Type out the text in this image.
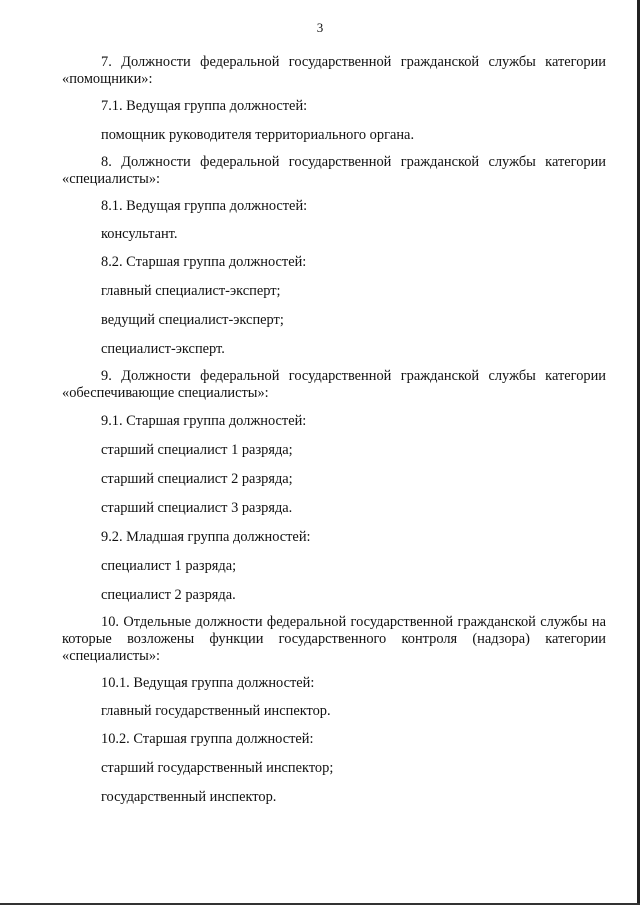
3

7. Должности федеральной государственной гражданской службы категории «помощники»:

7.1. Ведущая группа должностей:

помощник руководителя территориального органа.

8. Должности федеральной государственной гражданской службы категории «специалисты»:

8.1. Ведущая группа должностей:

консультант.

8.2. Старшая группа должностей:

главный специалист-эксперт;

ведущий специалист-эксперт;

специалист-эксперт.

9. Должности федеральной государственной гражданской службы категории «обеспечивающие специалисты»:

9.1. Старшая группа должностей:

старший специалист 1 разряда;

старший специалист 2 разряда;

старший специалист 3 разряда.

9.2. Младшая группа должностей:

специалист 1 разряда;

специалист 2 разряда.

10. Отдельные должности федеральной государственной гражданской службы на которые возложены функции государственного контроля (надзора) категории «специалисты»:

10.1. Ведущая группа должностей:

главный государственный инспектор.

10.2. Старшая группа должностей:

старший государственный инспектор;

государственный инспектор.
